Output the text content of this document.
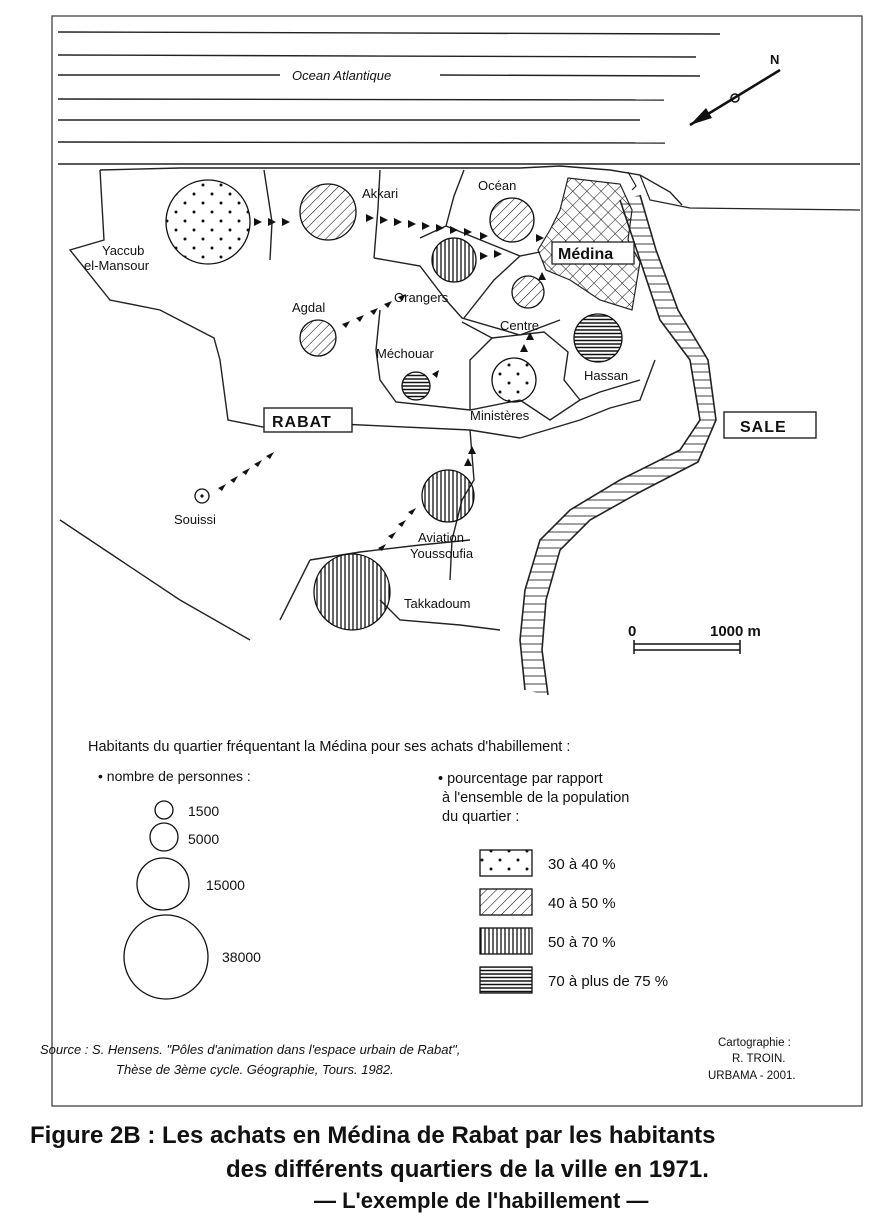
Ocean Atlantique
N
Médina
Yaccub
el-Mansour
Akkari
Océan
Orangers
Agdal
Centre
Méchouar
Hassan
Ministères
Souissi
Aviation
Youssoufia
Takkadoum
RABAT	SALE
0	1000 m
Habitants du quartier fréquentant la Médina pour ses achats d'habillement :
• nombre de personnes :
1500
5000
15000
38000
• pourcentage par rapport
à l'ensemble de la population
du quartier :
30 à 40 %
40 à 50 %
50 à 70 %
70 à plus de 75 %
Source : S. Hensens. "Pôles d'animation dans l'espace urbain de Rabat",
Thèse de 3ème cycle. Géographie, Tours. 1982.
Cartographie :
R. TROIN.
URBAMA - 2001.
Figure 2B : Les achats en Médina de Rabat par les habitants
des différents quartiers de la ville en 1971.
— L'exemple de l'habillement —
